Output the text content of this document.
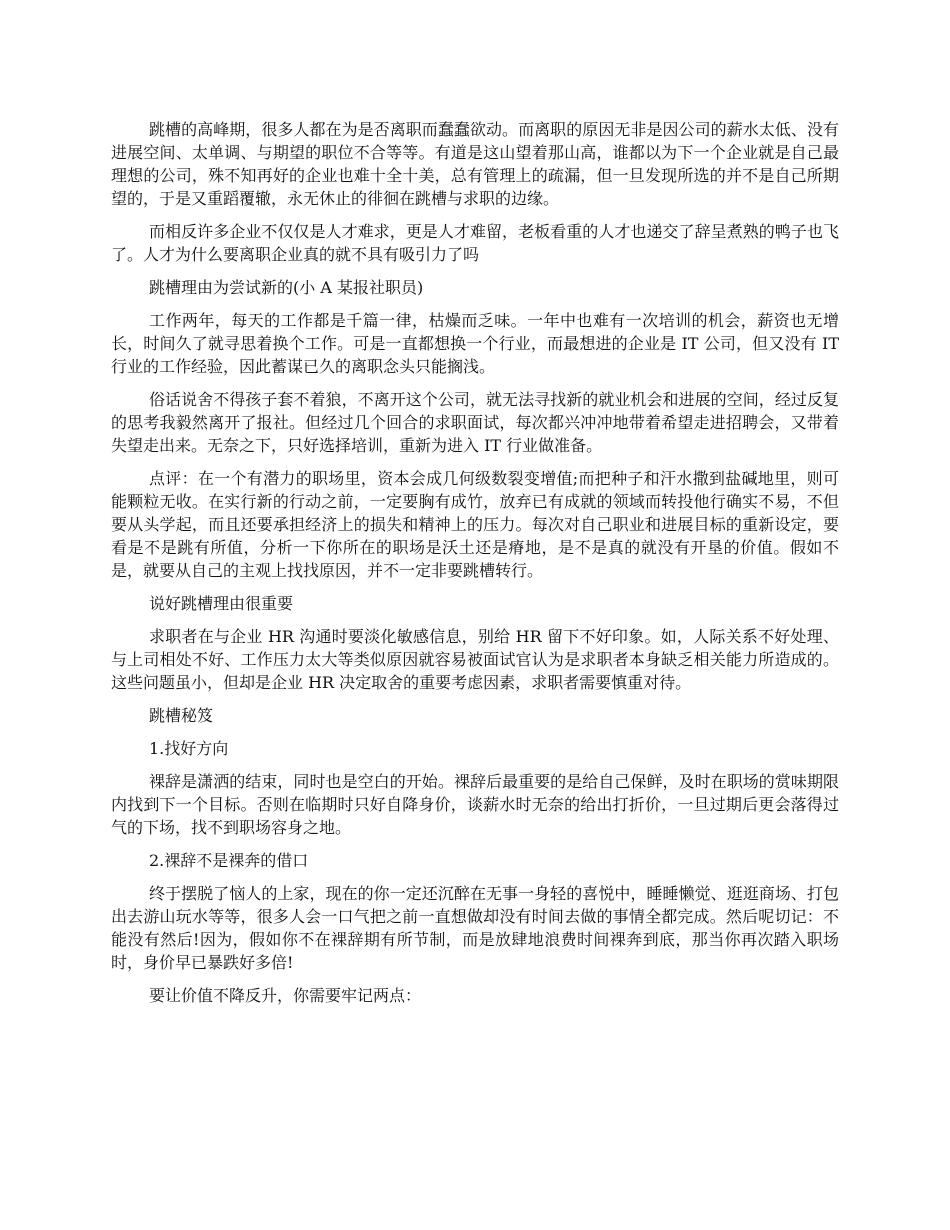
跳槽的高峰期，很多人都在为是否离职而蠢蠢欲动。而离职的原因无非是因公司的薪水太低、没有进展空间、太单调、与期望的职位不合等等。有道是这山望着那山高，谁都以为下一个企业就是自己最理想的公司，殊不知再好的企业也难十全十美，总有管理上的疏漏，但一旦发现所选的并不是自己所期望的，于是又重蹈覆辙，永无休止的徘徊在跳槽与求职的边缘。

而相反许多企业不仅仅是人才难求，更是人才难留，老板看重的人才也递交了辞呈煮熟的鸭子也飞了。人才为什么要离职企业真的就不具有吸引力了吗

跳槽理由为尝试新的(小 A 某报社职员)

工作两年，每天的工作都是千篇一律，枯燥而乏味。一年中也难有一次培训的机会，薪资也无增长，时间久了就寻思着换个工作。可是一直都想换一个行业，而最想进的企业是 IT 公司，但又没有 IT 行业的工作经验，因此蓄谋已久的离职念头只能搁浅。

俗话说舍不得孩子套不着狼，不离开这个公司，就无法寻找新的就业机会和进展的空间，经过反复的思考我毅然离开了报社。但经过几个回合的求职面试，每次都兴冲冲地带着希望走进招聘会，又带着失望走出来。无奈之下，只好选择培训，重新为进入 IT 行业做准备。

点评：在一个有潜力的职场里，资本会成几何级数裂变增值;而把种子和汗水撒到盐碱地里，则可能颗粒无收。在实行新的行动之前，一定要胸有成竹，放弃已有成就的领域而转投他行确实不易，不但要从头学起，而且还要承担经济上的损失和精神上的压力。每次对自己职业和进展目标的重新设定，要看是不是跳有所值，分析一下你所在的职场是沃土还是瘠地，是不是真的就没有开垦的价值。假如不是，就要从自己的主观上找找原因，并不一定非要跳槽转行。

说好跳槽理由很重要

求职者在与企业 HR 沟通时要淡化敏感信息，别给 HR 留下不好印象。如，人际关系不好处理、与上司相处不好、工作压力太大等类似原因就容易被面试官认为是求职者本身缺乏相关能力所造成的。这些问题虽小，但却是企业 HR 决定取舍的重要考虑因素，求职者需要慎重对待。

跳槽秘笈

1.找好方向

裸辞是潇洒的结束，同时也是空白的开始。裸辞后最重要的是给自己保鲜，及时在职场的赏味期限内找到下一个目标。否则在临期时只好自降身价，谈薪水时无奈的给出打折价，一旦过期后更会落得过气的下场，找不到职场容身之地。

2.裸辞不是裸奔的借口

终于摆脱了恼人的上家，现在的你一定还沉醉在无事一身轻的喜悦中，睡睡懒觉、逛逛商场、打包出去游山玩水等等，很多人会一口气把之前一直想做却没有时间去做的事情全都完成。然后呢切记：不能没有然后!因为，假如你不在裸辞期有所节制，而是放肆地浪费时间裸奔到底，那当你再次踏入职场时，身价早已暴跌好多倍!

要让价值不降反升，你需要牢记两点：
